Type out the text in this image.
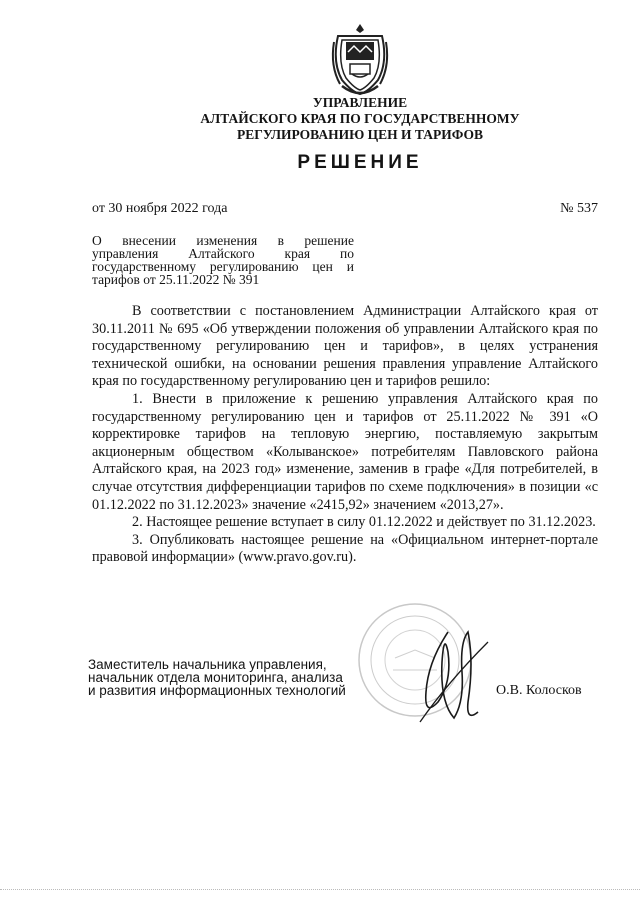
УПРАВЛЕНИЕ
АЛТАЙСКОГО КРАЯ ПО ГОСУДАРСТВЕННОМУ
РЕГУЛИРОВАНИЮ ЦЕН И ТАРИФОВ
РЕШЕНИЕ
от 30 ноября 2022 года	№ 537
О внесении изменения в решение управления Алтайского края по государственному регулированию цен и тарифов от 25.11.2022 № 391

В соответствии с постановлением Администрации Алтайского края от 30.11.2011 № 695 «Об утверждении положения об управлении Алтайского края по государственному регулированию цен и тарифов», в целях устранения технической ошибки, на основании решения правления управление Алтайского края по государственному регулированию цен и тарифов решило:

1. Внести в приложение к решению управления Алтайского края по государственному регулированию цен и тарифов от 25.11.2022 № 391 «О корректировке тарифов на тепловую энергию, поставляемую закрытым акционерным обществом «Колыванское» потребителям Павловского района Алтайского края, на 2023 год» изменение, заменив в графе «Для потребителей, в случае отсутствия дифференциации тарифов по схеме подключения» в позиции «с 01.12.2022 по 31.12.2023» значение «2415,92» значением «2013,27».

2. Настоящее решение вступает в силу 01.12.2022 и действует по 31.12.2023.

3. Опубликовать настоящее решение на «Официальном интернет-портале правовой информации» (www.pravo.gov.ru).

Заместитель начальника управления,
начальник отдела мониторинга, анализа
и развития информационных технологий	О.В. Колосков
